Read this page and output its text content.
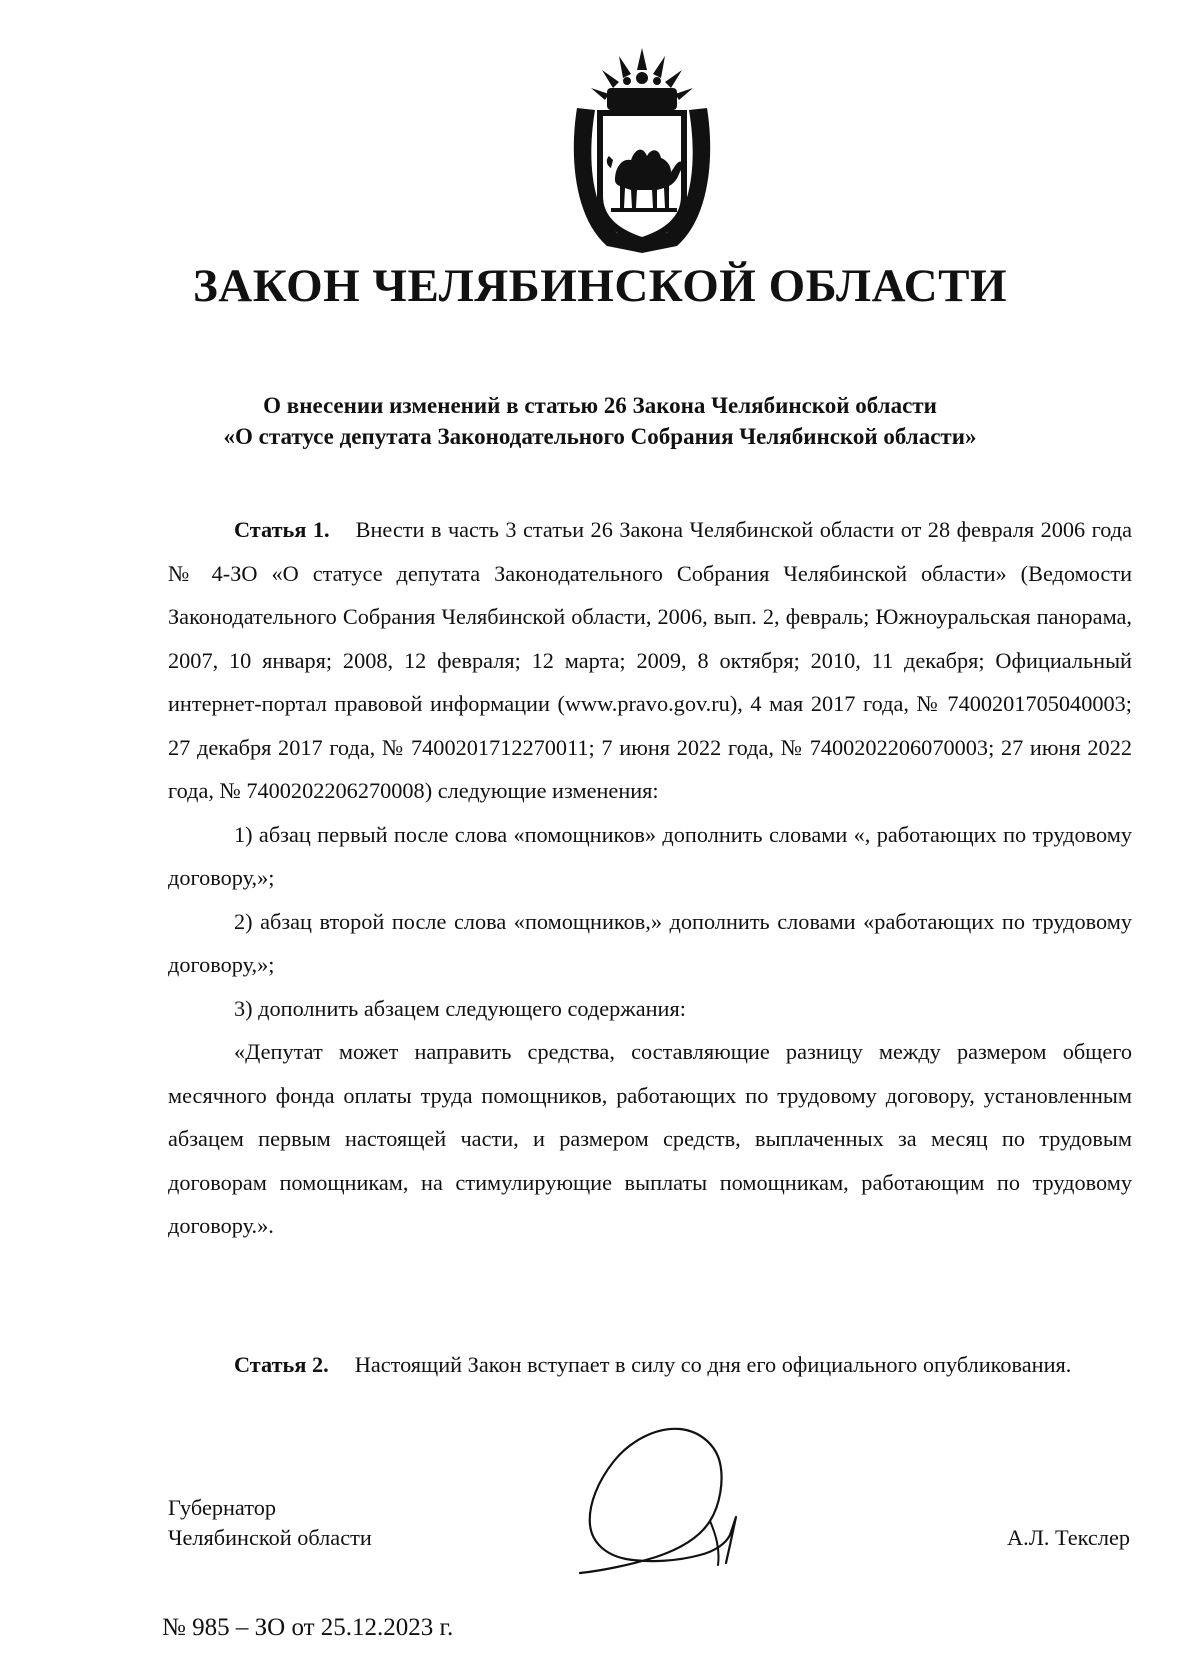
ЗАКОН ЧЕЛЯБИНСКОЙ ОБЛАСТИ
О внесении изменений в статью 26 Закона Челябинской области
«О статусе депутата Законодательного Собрания Челябинской области»

Статья 1. Внести в часть 3 статьи 26 Закона Челябинской области от 28 февраля 2006 года № 4-ЗО «О статусе депутата Законодательного Собрания Челябинской области» (Ведомости Законодательного Собрания Челябинской области, 2006, вып. 2, февраль; Южноуральская панорама, 2007, 10 января; 2008, 12 февраля; 12 марта; 2009, 8 октября; 2010, 11 декабря; Официальный интернет-портал правовой информации (www.pravo.gov.ru), 4 мая 2017 года, № 7400201705040003; 27 декабря 2017 года, № 7400201712270011; 7 июня 2022 года, № 7400202206070003; 27 июня 2022 года, № 7400202206270008) следующие изменения:

1) абзац первый после слова «помощников» дополнить словами «, работающих по трудовому договору,»;

2) абзац второй после слова «помощников,» дополнить словами «работающих по трудовому договору,»;

3) дополнить абзацем следующего содержания:

«Депутат может направить средства, составляющие разницу между размером общего месячного фонда оплаты труда помощников, работающих по трудовому договору, установленным абзацем первым настоящей части, и размером средств, выплаченных за месяц по трудовым договорам помощникам, на стимулирующие выплаты помощникам, работающим по трудовому договору.».

Статья 2. Настоящий Закон вступает в силу со дня его официального опубликования.

Губернатор
Челябинской области	А.Л. Текслер
№ 985 – ЗО от 25.12.2023 г.
